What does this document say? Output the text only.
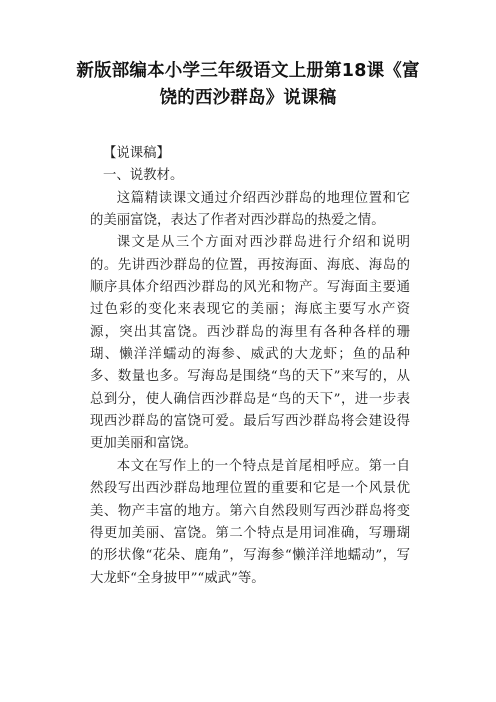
新版部编本小学三年级语文上册第18课《富饶的西沙群岛》说课稿

【说课稿】

一、说教材。

这篇精读课文通过介绍西沙群岛的地理位置和它的美丽富饶，表达了作者对西沙群岛的热爱之情。

课文是从三个方面对西沙群岛进行介绍和说明的。先讲西沙群岛的位置，再按海面、海底、海岛的顺序具体介绍西沙群岛的风光和物产。写海面主要通过色彩的变化来表现它的美丽；海底主要写水产资源，突出其富饶。西沙群岛的海里有各种各样的珊瑚、懒洋洋蠕动的海参、威武的大龙虾；鱼的品种多、数量也多。写海岛是围绕“鸟的天下”来写的，从总到分，使人确信西沙群岛是“鸟的天下”，进一步表现西沙群岛的富饶可爱。最后写西沙群岛将会建设得更加美丽和富饶。

本文在写作上的一个特点是首尾相呼应。第一自然段写出西沙群岛地理位置的重要和它是一个风景优美、物产丰富的地方。第六自然段则写西沙群岛将变得更加美丽、富饶。第二个特点是用词准确，写珊瑚的形状像“花朵、鹿角”，写海参“懒洋洋地蠕动”，写大龙虾“全身披甲”“威武”等。
